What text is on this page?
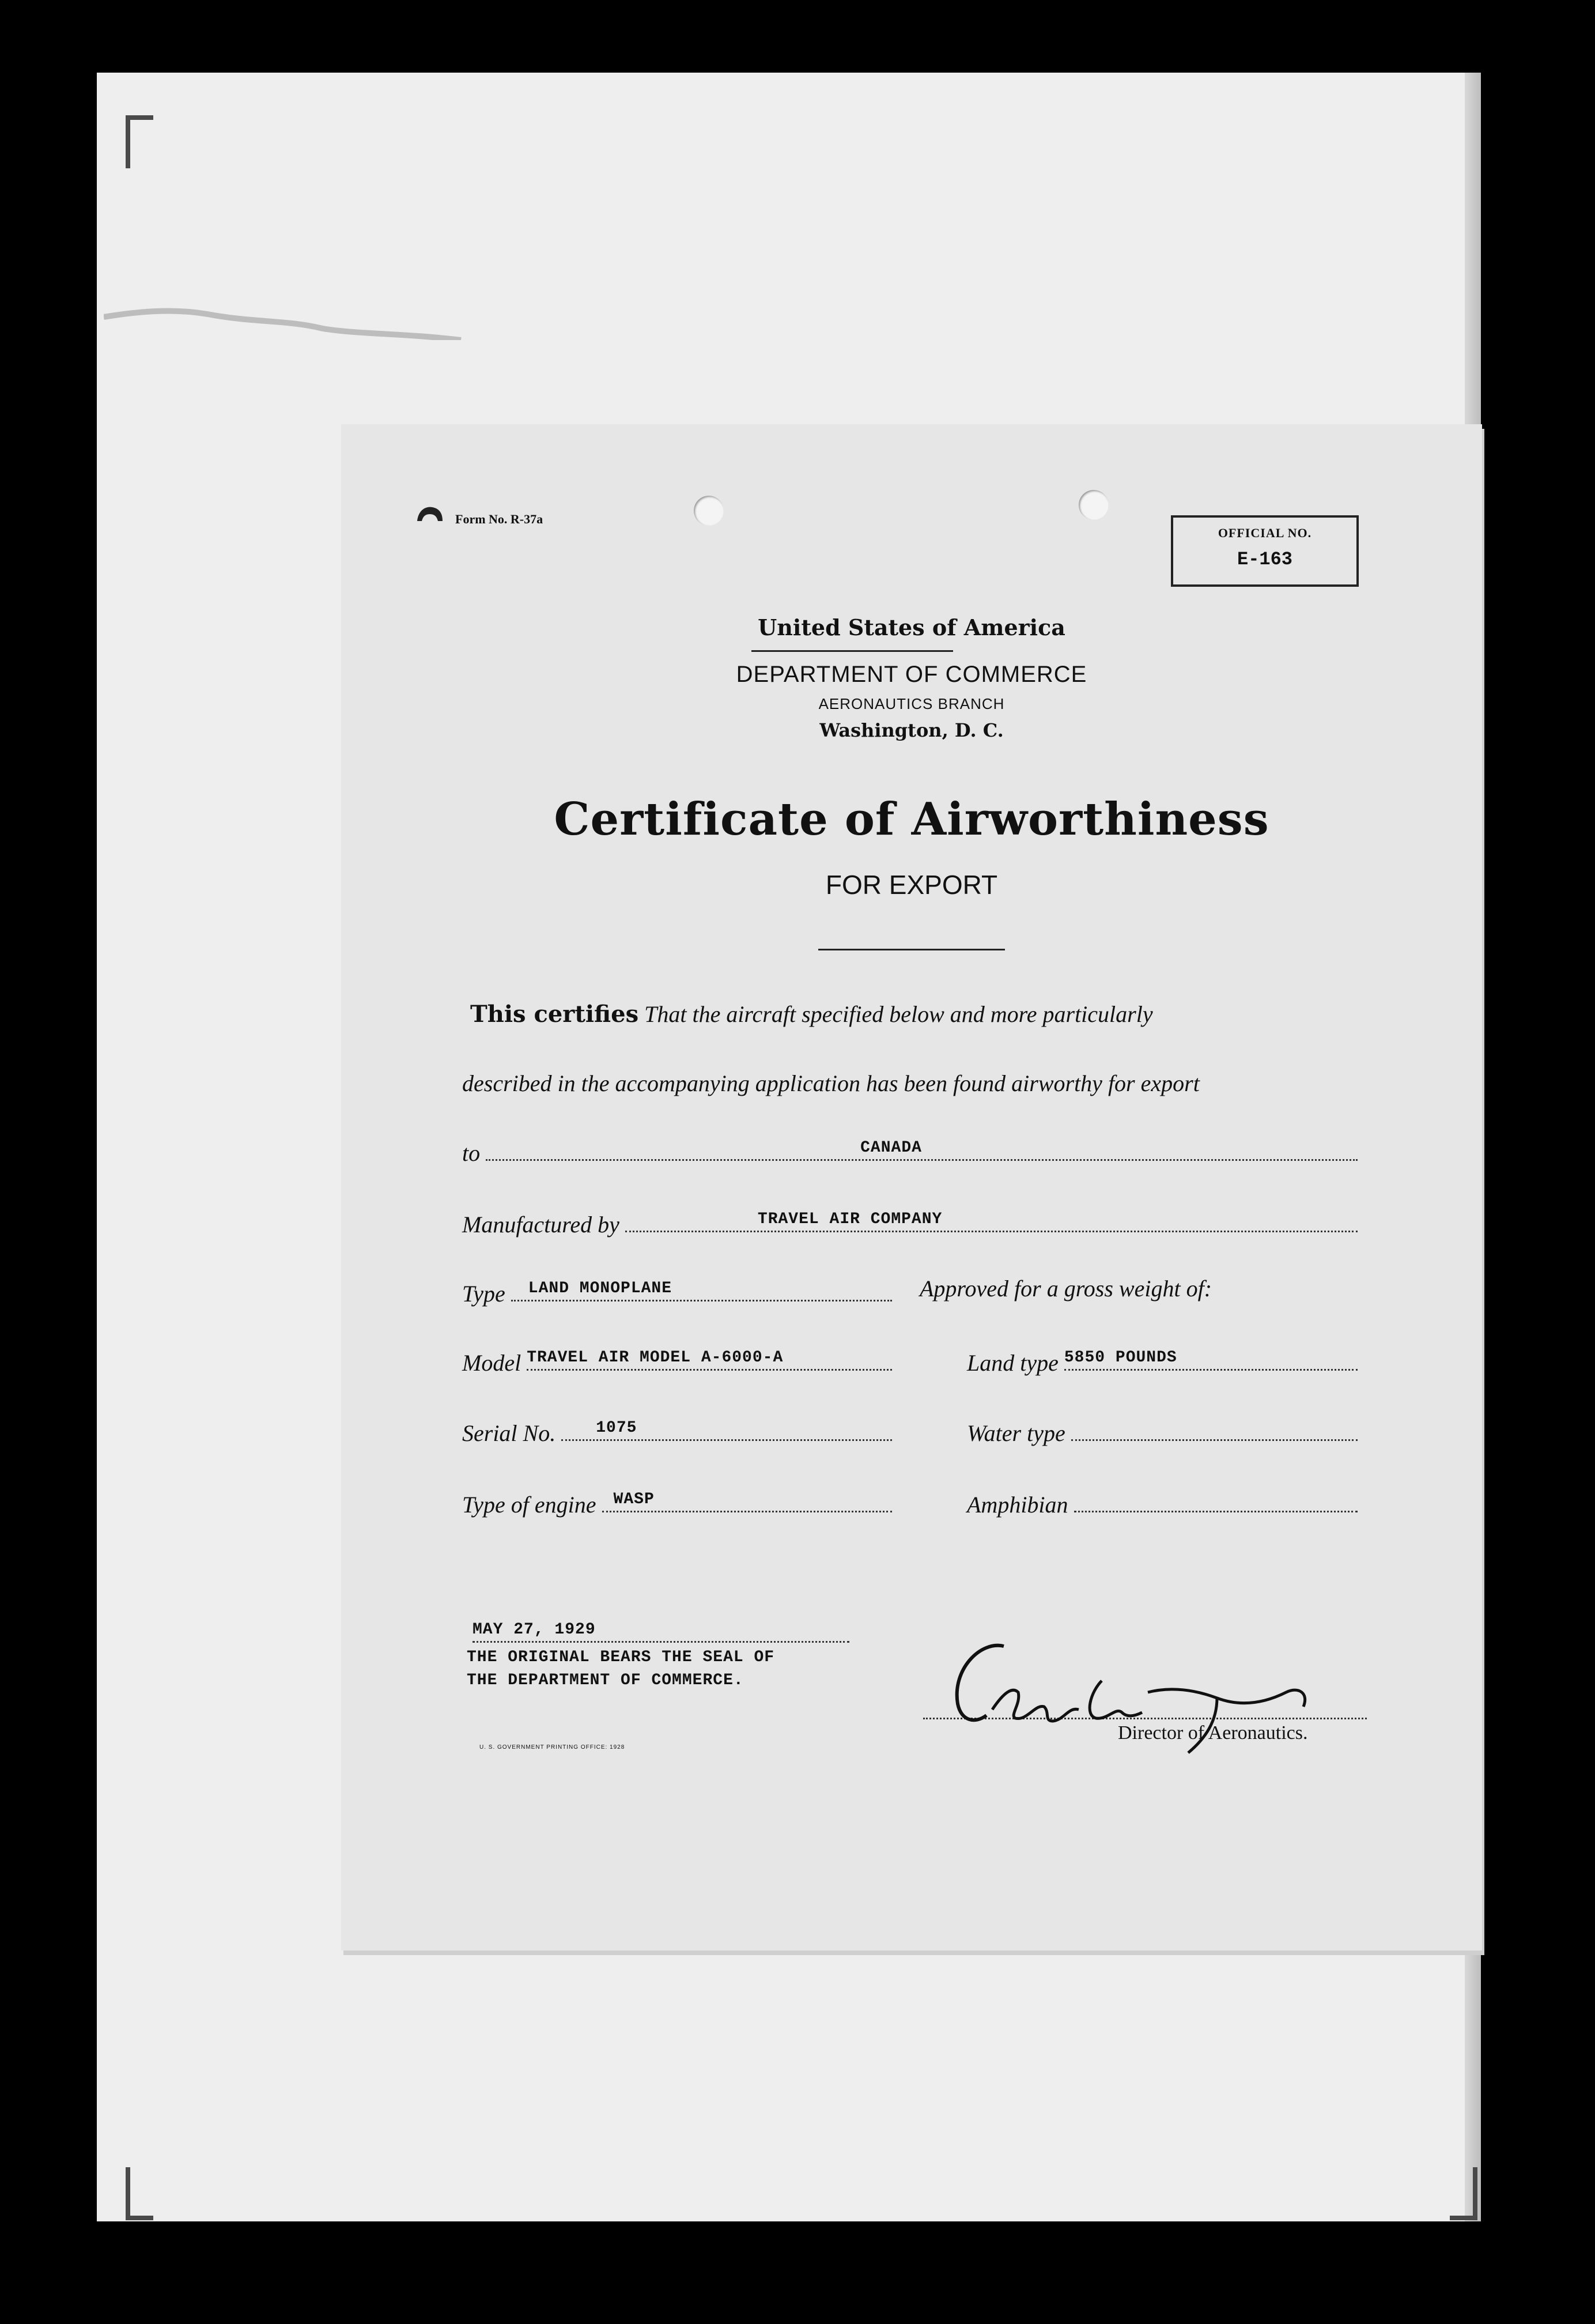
Form No. R-37a
OFFICIAL NO.
E-163
United States of America
DEPARTMENT OF COMMERCE
AERONAUTICS BRANCH
Washington, D. C.
Certificate of Airworthiness
FOR EXPORT
This certifies That the aircraft specified below and more particularly
described in the accompanying application has been found airworthy for export
to	CANADA
Manufactured by	TRAVEL AIR COMPANY
Type LAND MONOPLANE
Model TRAVEL AIR MODEL A-6000-A
Serial No.	1075
Type of engine WASP
Approved for a gross weight of:
Land type 5850 POUNDS
Water type
Amphibian
MAY 27, 1929
THE ORIGINAL BEARS THE SEAL OF
THE DEPARTMENT OF COMMERCE.
U. S. GOVERNMENT PRINTING OFFICE: 1928
Director of Aeronautics.
